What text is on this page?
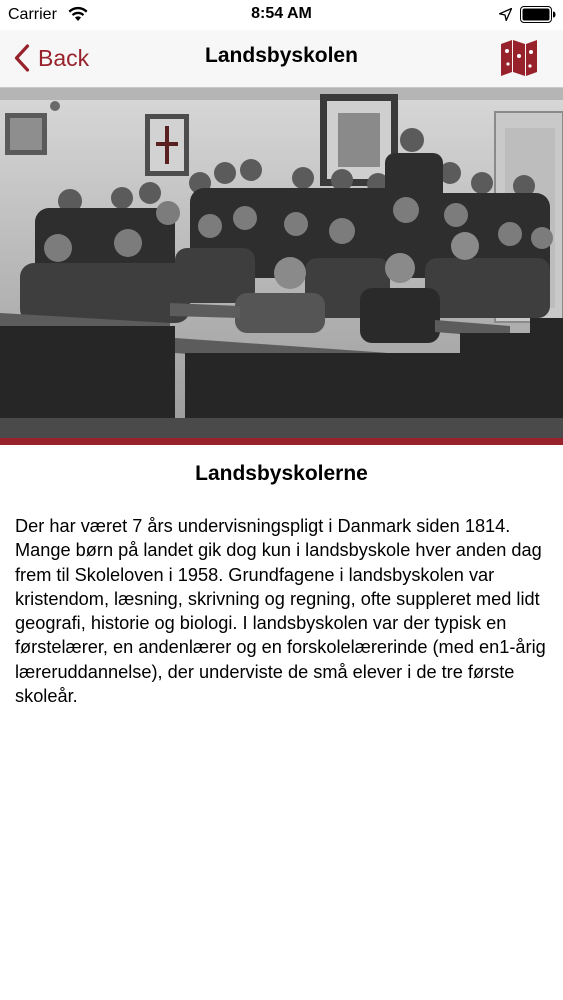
Carrier	8:54 AM
Back	Landsbyskolen
Landsbyskolerne
Der har været 7 års undervisningspligt i Danmark siden 1814. Mange børn på landet gik dog kun i landsbyskole hver anden dag frem til Skoleloven i 1958. Grundfagene i landsbyskolen var kristendom, læsning, skrivning og regning, ofte suppleret med lidt geografi, historie og biologi. I landsbyskolen var der typisk en førstelærer, en andenlærer og en forskolelærerinde (med en1-årig læreruddannelse), der underviste de små elever i de tre første skoleår.
